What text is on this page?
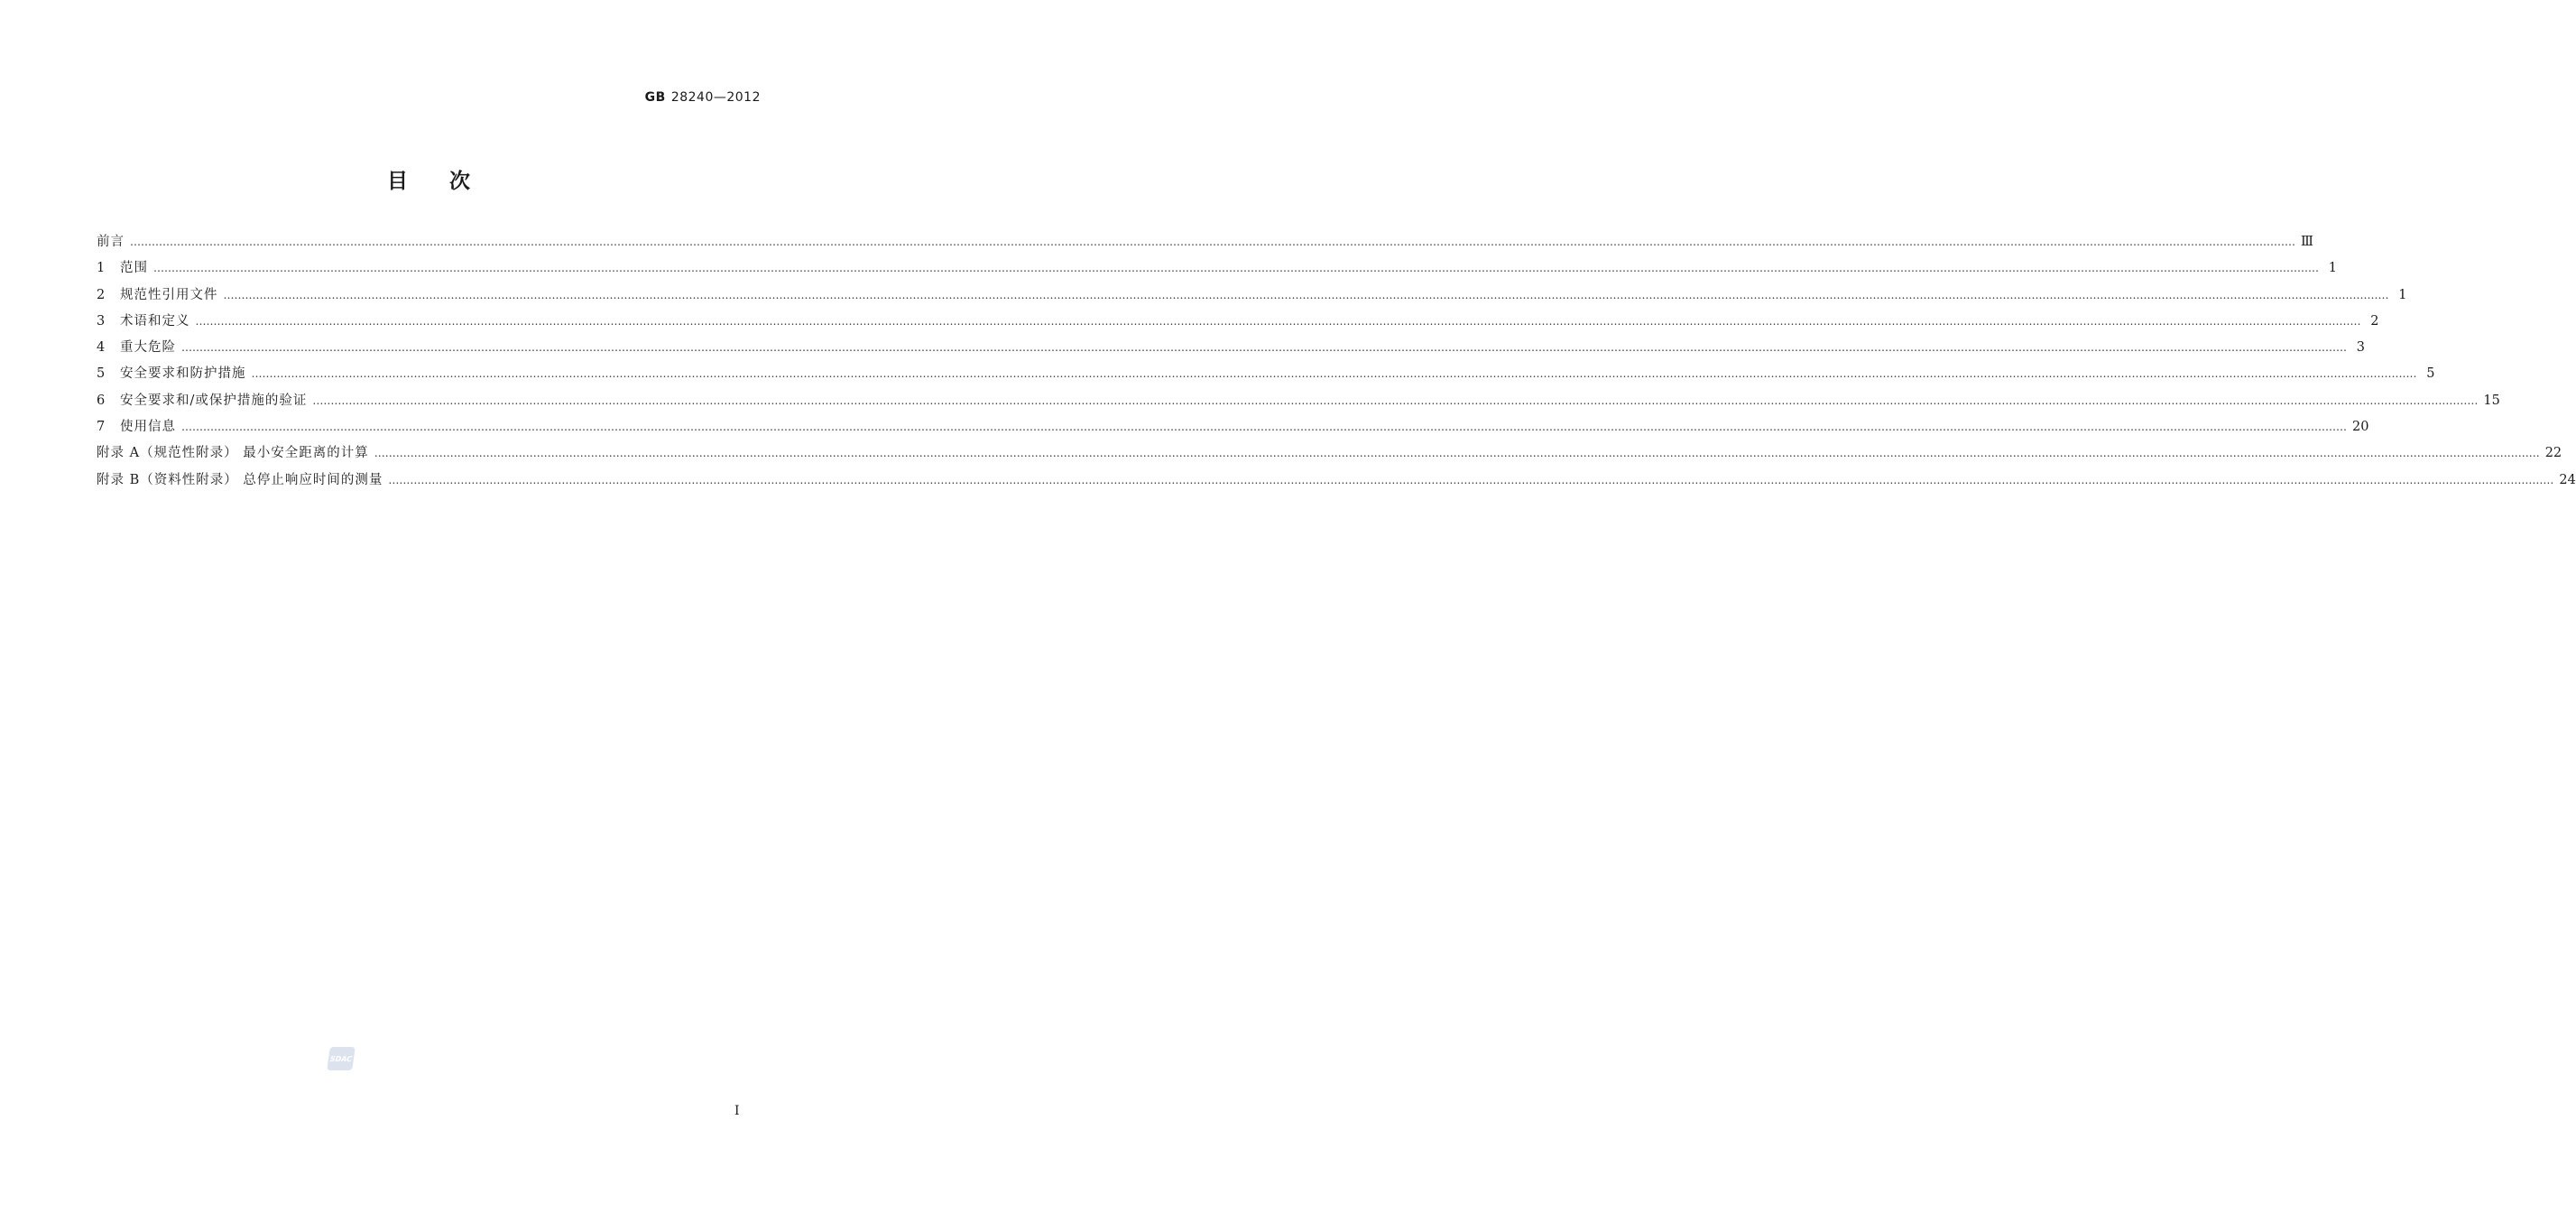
GB 28240—2012
目次
前言 …………………………………………………………………………………………………………………………………………………………………………………………………………………………………………………………………………………………………………………………………………………………………………………………………………………………………………………………………………………………………………………………………………………… Ⅲ
1	范围 …………………………………………………………………………………………………………………………………………………………………………………………………………………………………………………………………………………………………………………………………………………………………………………………………………………………………………………………………………………………………………………………………………………… 1
2	规范性引用文件 …………………………………………………………………………………………………………………………………………………………………………………………………………………………………………………………………………………………………………………………………………………………………………………………………………………………………………………………………………………………………………………………………………………… 1
3	术语和定义 …………………………………………………………………………………………………………………………………………………………………………………………………………………………………………………………………………………………………………………………………………………………………………………………………………………………………………………………………………………………………………………………………………………… 2
4	重大危险 …………………………………………………………………………………………………………………………………………………………………………………………………………………………………………………………………………………………………………………………………………………………………………………………………………………………………………………………………………………………………………………………………………………… 3
5	安全要求和防护措施 …………………………………………………………………………………………………………………………………………………………………………………………………………………………………………………………………………………………………………………………………………………………………………………………………………………………………………………………………………………………………………………………………………………… 5
6	安全要求和/或保护措施的验证 …………………………………………………………………………………………………………………………………………………………………………………………………………………………………………………………………………………………………………………………………………………………………………………………………………………………………………………………………………………………………………………………………………………… 15
7	使用信息 …………………………………………………………………………………………………………………………………………………………………………………………………………………………………………………………………………………………………………………………………………………………………………………………………………………………………………………………………………………………………………………………………………………… 20
附录 A（规范性附录） 最小安全距离的计算 …………………………………………………………………………………………………………………………………………………………………………………………………………………………………………………………………………………………………………………………………………………………………………………………………………………………………………………………………………………………………………………………………………………… 22
附录 B（资料性附录） 总停止响应时间的测量 …………………………………………………………………………………………………………………………………………………………………………………………………………………………………………………………………………………………………………………………………………………………………………………………………………………………………………………………………………………………………………………………………………………… 24
SDAC
I
